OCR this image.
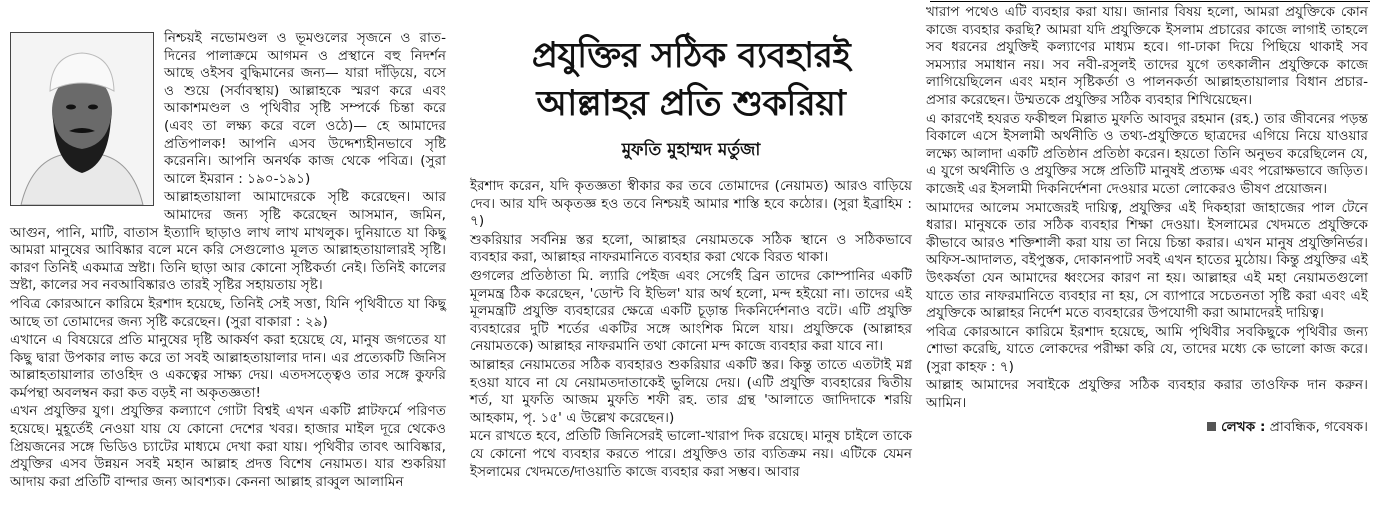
প্রযুক্তির সঠিক ব্যবহারই
আল্লাহর প্রতি শুকরিয়া
মুফতি মুহাম্মদ মর্তুজা

নিশ্চয়ই নভোমণ্ডল ও ভূমণ্ডলের সৃজনে ও রাত-দিনের পালাক্রমে আগমন ও প্রস্থানে বহু নিদর্শন আছে ওইসব বুদ্ধিমানের জন্য— যারা দাঁড়িয়ে, বসে ও শুয়ে (সর্বাবস্থায়) আল্লাহকে স্মরণ করে এবং আকাশমণ্ডল ও পৃথিবীর সৃষ্টি সম্পর্কে চিন্তা করে (এবং তা লক্ষ্য করে বলে ওঠে)— হে আমাদের প্রতিপালক! আপনি এসব উদ্দেশ্যহীনভাবে সৃষ্টি করেননি। আপনি অনর্থক কাজ থেকে পবিত্র। (সুরা আলে ইমরান : ১৯০-১৯১)

আল্লাহতায়ালা আমাদেরকে সৃষ্টি করেছেন। আর আমাদের জন্য সৃষ্টি করেছেন আসমান, জমিন, আগুন, পানি, মাটি, বাতাস ইত্যাদি ছাড়াও লাখ লাখ মাখলুক। দুনিয়াতে যা কিছু আমরা মানুষের আবিষ্কার বলে মনে করি সেগুলোও মূলত আল্লাহতায়ালারই সৃষ্টি। কারণ তিনিই একমাত্র স্রষ্টা। তিনি ছাড়া আর কোনো সৃষ্টিকর্তা নেই। তিনিই কালের স্রষ্টা, কালের সব নবআবিষ্কারও তারই সৃষ্টির সহায়তায় সৃষ্ট।

পবিত্র কোরআনে কারিমে ইরশাদ হয়েছে, তিনিই সেই সত্তা, যিনি পৃথিবীতে যা কিছু আছে তা তোমাদের জন্য সৃষ্টি করেছেন। (সুরা বাকারা : ২৯)

এখানে এ বিষয়েরে প্রতি মানুষের দৃষ্টি আকর্ষণ করা হয়েছে যে, মানুষ জগতের যা কিছু দ্বারা উপকার লাভ করে তা সবই আল্লাহতায়ালার দান। এর প্রত্যেকটি জিনিস আল্লাহতায়ালার তাওহিদ ও একত্বের সাক্ষ্য দেয়। এতদসত্ত্বেও তার সঙ্গে কুফরি কর্মপন্থা অবলম্বন করা কত বড়ই না অকৃতজ্ঞতা!

এখন প্রযুক্তির যুগ। প্রযুক্তির কল্যাণে গোটা বিশ্বই এখন একটি প্লাটফর্মে পরিণত হয়েছে। মুহূর্তেই নেওয়া যায় যে কোনো দেশের খবর। হাজার মাইল দূরে থেকেও প্রিয়জনের সঙ্গে ভিডিও চ্যাটের মাধ্যমে দেখা করা যায়। পৃথিবীর তাবৎ আবিষ্কার, প্রযুক্তির এসব উন্নয়ন সবই মহান আল্লাহ প্রদত্ত বিশেষ নেয়ামত। যার শুকরিয়া আদায় করা প্রতিটি বান্দার জন্য আবশ্যক। কেননা আল্লাহ রাব্বুল আলামিন

ইরশাদ করেন, যদি কৃতজ্ঞতা স্বীকার কর তবে তোমাদের (নেয়ামত) আরও বাড়িয়ে দেব। আর যদি অকৃতজ্ঞ হও তবে নিশ্চয়ই আমার শাস্তি হবে কঠোর। (সুরা ইব্রাহিম : ৭)

শুকরিয়ার সর্বনিম্ন স্তর হলো, আল্লাহর নেয়ামতকে সঠিক স্থানে ও সঠিকভাবে ব্যবহার করা, আল্লাহর নাফরমানিতে ব্যবহার করা থেকে বিরত থাকা।

গুগলের প্রতিষ্ঠাতা মি. ল্যারি পেইজ এবং সের্গেই ব্রিন তাদের কোম্পানির একটি মূলমন্ত্র ঠিক করেছেন, 'ডোন্ট বি ইভিল' যার অর্থ হলো, মন্দ হইয়ো না। তাদের এই মূলমন্ত্রটি প্রযুক্তি ব্যবহারের ক্ষেত্রে একটি চূড়ান্ত দিকনির্দেশনাও বটে। এটি প্রযুক্তি ব্যবহারের দুটি শর্তের একটির সঙ্গে আংশিক মিলে যায়। প্রযুক্তিকে (আল্লাহর নেয়ামতকে) আল্লাহর নাফরমানি তথা কোনো মন্দ কাজে ব্যবহার করা যাবে না।

আল্লাহর নেয়ামতের সঠিক ব্যবহারও শুকরিয়ার একটি স্তর। কিন্তু তাতে এতটাই মগ্ন হওয়া যাবে না যে নেয়ামতদাতাকেই ভুলিয়ে দেয়। (এটি প্রযুক্তি ব্যবহারের দ্বিতীয় শর্ত, যা মুফতি আজম মুফতি শফী রহ. তার গ্রন্থ 'আলাতে জাদিদাকে শরয়ি আহকাম, পৃ. ১৫' এ উল্লেখ করেছেন।)

মনে রাখতে হবে, প্রতিটি জিনিসেরই ভালো-খারাপ দিক রয়েছে। মানুষ চাইলে তাকে যে কোনো পথে ব্যবহার করতে পারে। প্রযুক্তিও তার ব্যতিক্রম নয়। এটিকে যেমন ইসলামের খেদমতে/দাওয়াতি কাজে ব্যবহার করা সম্ভব। আবার

খারাপ পথেও এটি ব্যবহার করা যায়। জানার বিষয় হলো, আমরা প্রযুক্তিকে কোন কাজে ব্যবহার করছি? আমরা যদি প্রযুক্তিকে ইসলাম প্রচারের কাজে লাগাই তাহলে সব ধরনের প্রযুক্তিই কল্যাণের মাধ্যম হবে। গা-ঢাকা দিয়ে পিছিয়ে থাকাই সব সমস্যার সমাধান নয়। সব নবী-রসুলই তাদের যুগে তৎকালীন প্রযুক্তিকে কাজে লাগিয়েছিলেন এবং মহান সৃষ্টিকর্তা ও পালনকর্তা আল্লাহতায়ালার বিধান প্রচার-প্রসার করেছেন। উম্মতকে প্রযুক্তির সঠিক ব্যবহার শিখিয়েছেন।

এ কারণেই হযরত ফকীহুল মিল্লাত মুফতি আবদুর রহমান (রহ.) তার জীবনের পড়ন্ত বিকালে এসে ইসলামী অর্থনীতি ও তথ্য-প্রযুক্তিতে ছাত্রদের এগিয়ে নিয়ে যাওয়ার লক্ষ্যে আলাদা একটি প্রতিষ্ঠান প্রতিষ্ঠা করেন। হয়তো তিনি অনুভব করেছিলেন যে, এ যুগে অর্থনীতি ও প্রযুক্তির সঙ্গে প্রতিটি মানুষই প্রত্যক্ষ এবং পরোক্ষভাবে জড়িত। কাজেই এর ইসলামী দিকনির্দেশনা দেওয়ার মতো লোকেরও ভীষণ প্রয়োজন।

আমাদের আলেম সমাজেরই দায়িত্ব, প্রযুক্তির এই দিকহারা জাহাজের পাল টেনে ধরার। মানুষকে তার সঠিক ব্যবহার শিক্ষা দেওয়া। ইসলামের খেদমতে প্রযুক্তিকে কীভাবে আরও শক্তিশালী করা যায় তা নিয়ে চিন্তা করার। এখন মানুষ প্রযুক্তিনির্ভর। অফিস-আদালত, বইপুস্তক, দোকানপাট সবই এখন হাতের মুঠোয়। কিন্তু প্রযুক্তির এই উৎকর্ষতা যেন আমাদের ধ্বংসের কারণ না হয়। আল্লাহর এই মহা নেয়ামতগুলো যাতে তার নাফরমানিতে ব্যবহার না হয়, সে ব্যাপারে সচেতনতা সৃষ্টি করা এবং এই প্রযুক্তিকে আল্লাহর নির্দেশ মতে ব্যবহারের উপযোগী করা আমাদেরই দায়িত্ব।

পবিত্র কোরআনে কারিমে ইরশাদ হয়েছে, আমি পৃথিবীর সবকিছুকে পৃথিবীর জন্য শোভা করেছি, যাতে লোকদের পরীক্ষা করি যে, তাদের মধ্যে কে ভালো কাজ করে। (সুরা কাহফ : ৭)

আল্লাহ আমাদের সবাইকে প্রযুক্তির সঠিক ব্যবহার করার তাওফিক দান করুন। আমিন।

লেখক : প্রাবন্ধিক, গবেষক।
